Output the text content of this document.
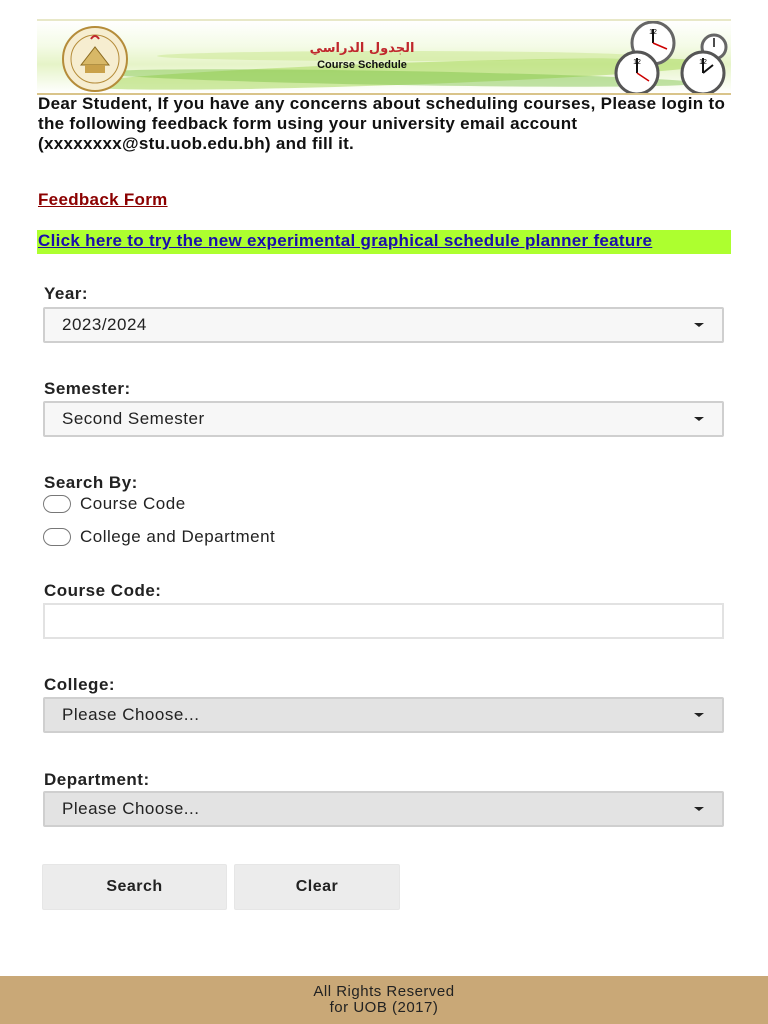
الجدول الدراسي
Course Schedule
12
12	12

Dear Student, If you have any concerns about scheduling courses, Please login to the following feedback form using your university email account (xxxxxxxx@stu.uob.edu.bh) and fill it.

Feedback Form
Click here to try the new experimental graphical schedule planner feature
Year:
2023/2024
Semester:
Second Semester
Search By:
Course Code
College and Department
Course Code:
College:
Please Choose...
Department:
Please Choose...
Search	Clear
All Rights Reserved
for UOB (2017)
